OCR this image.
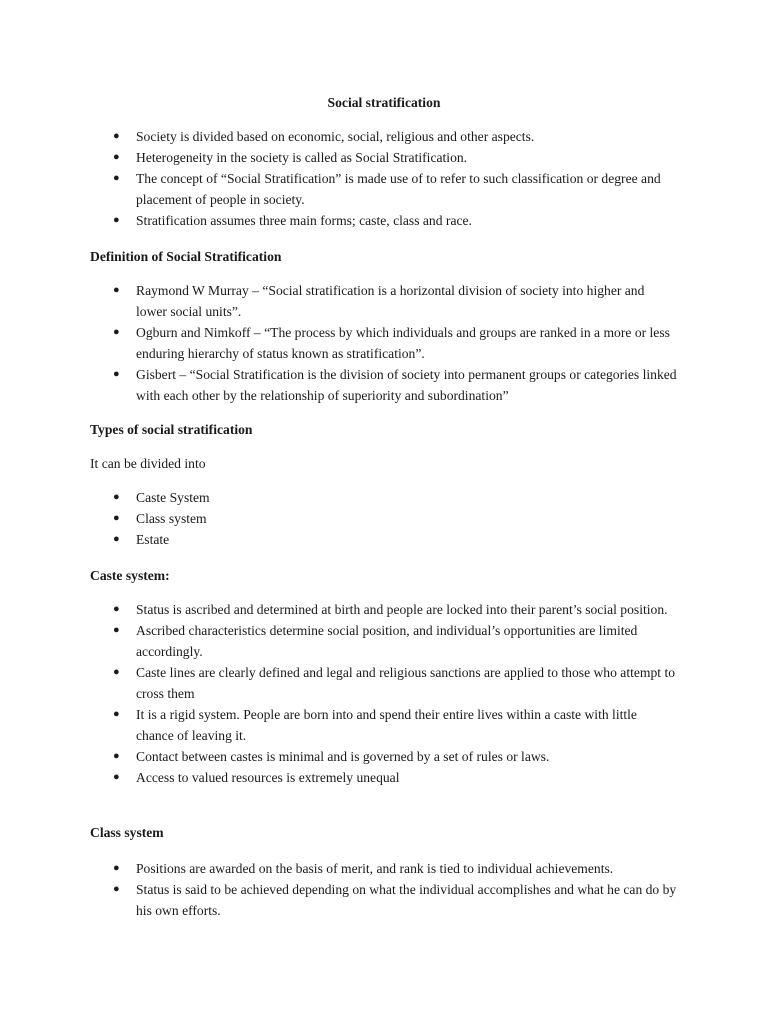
Social stratification
● Society is divided based on economic, social, religious and other aspects.
● Heterogeneity in the society is called as Social Stratification.
● The concept of “Social Stratification” is made use of to refer to such classification or degree and placement of people in society.
● Stratification assumes three main forms; caste, class and race.
Definition of Social Stratification
● Raymond W Murray – “Social stratification is a horizontal division of society into higher and lower social units”.
● Ogburn and Nimkoff – “The process by which individuals and groups are ranked in a more or less enduring hierarchy of status known as stratification”.
● Gisbert – “Social Stratification is the division of society into permanent groups or categories linked with each other by the relationship of superiority and subordination”
Types of social stratification
It can be divided into
● Caste System
● Class system
● Estate
Caste system:
● Status is ascribed and determined at birth and people are locked into their parent’s social position.
● Ascribed characteristics determine social position, and individual’s opportunities are limited accordingly.
● Caste lines are clearly defined and legal and religious sanctions are applied to those who attempt to cross them
● It is a rigid system. People are born into and spend their entire lives within a caste with little chance of leaving it.
● Contact between castes is minimal and is governed by a set of rules or laws.
● Access to valued resources is extremely unequal
Class system
● Positions are awarded on the basis of merit, and rank is tied to individual achievements.
● Status is said to be achieved depending on what the individual accomplishes and what he can do by his own efforts.
